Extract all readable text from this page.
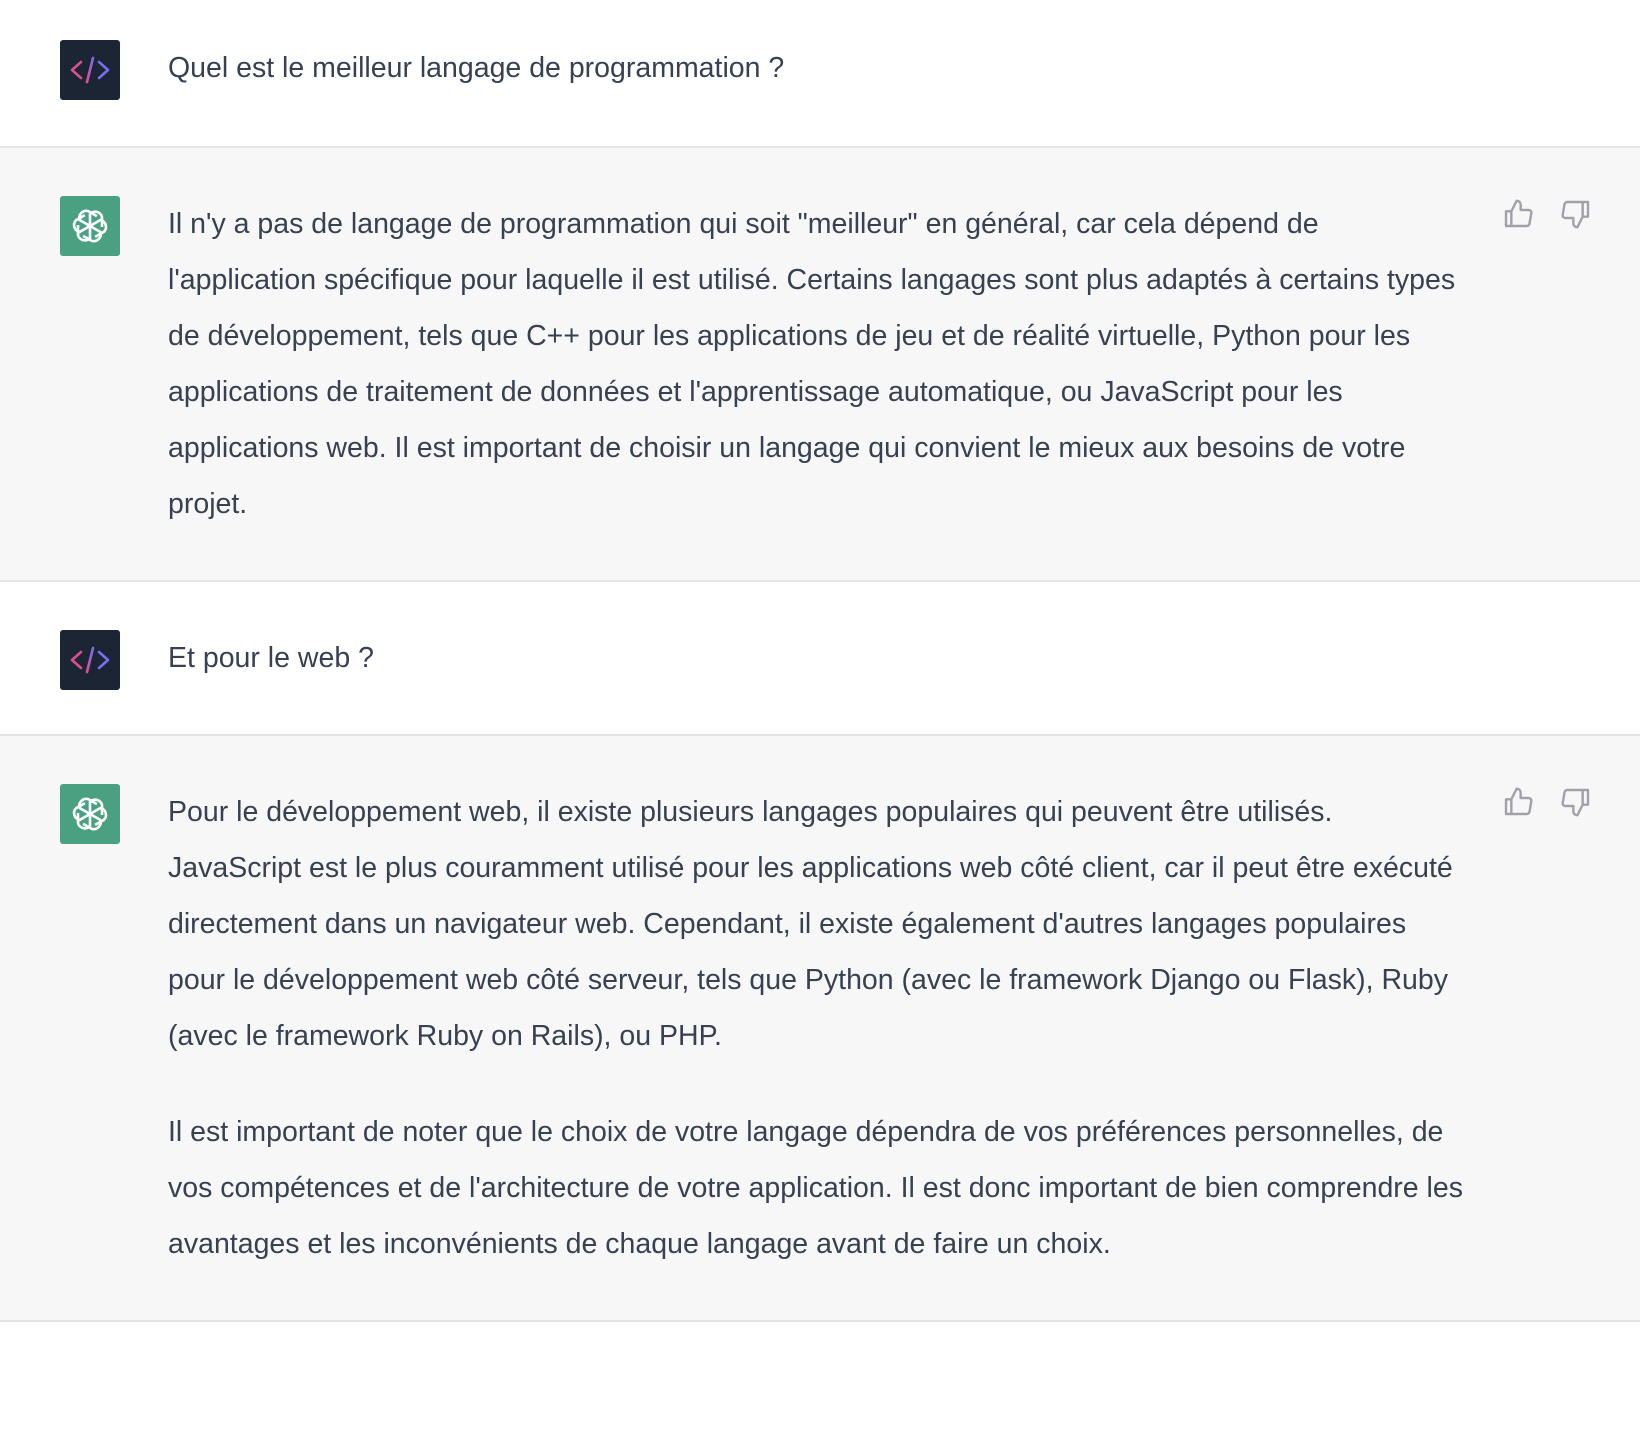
Quel est le meilleur langage de programmation ?

Il n'y a pas de langage de programmation qui soit "meilleur" en général, car cela dépend de l'application spécifique pour laquelle il est utilisé. Certains langages sont plus adaptés à certains types de développement, tels que C++ pour les applications de jeu et de réalité virtuelle, Python pour les applications de traitement de données et l'apprentissage automatique, ou JavaScript pour les applications web. Il est important de choisir un langage qui convient le mieux aux besoins de votre projet.

Et pour le web ?

Pour le développement web, il existe plusieurs langages populaires qui peuvent être utilisés. JavaScript est le plus couramment utilisé pour les applications web côté client, car il peut être exécuté directement dans un navigateur web. Cependant, il existe également d'autres langages populaires pour le développement web côté serveur, tels que Python (avec le framework Django ou Flask), Ruby (avec le framework Ruby on Rails), ou PHP.

Il est important de noter que le choix de votre langage dépendra de vos préférences personnelles, de vos compétences et de l'architecture de votre application. Il est donc important de bien comprendre les avantages et les inconvénients de chaque langage avant de faire un choix.
